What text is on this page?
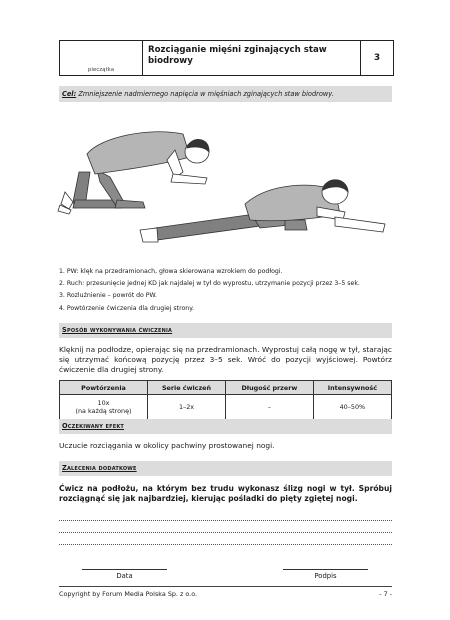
pieczątka
Rozciąganie mięśni zginających staw biodrowy	3
Cel: Zmniejszenie nadmiernego napięcia w mięśniach zginających staw biodrowy.
1. PW: klęk na przedramionach, głowa skierowana wzrokiem do podłogi.
2. Ruch: przesunięcie jednej KD jak najdalej w tył do wyprostu, utrzymanie pozycji przez 3–5 sek.
3. Rozluźnienie – powrót do PW.
4. Powtórzenie ćwiczenia dla drugiej strony.
Sposób wykonywania ćwiczenia
Klęknij na podłodze, opierając się na przedramionach. Wyprostuj całą nogę w tył, starając się utrzymać końcową pozycję przez 3–5 sek. Wróć do pozycji wyjściowej. Powtórz ćwiczenie dla drugiej strony.
Powtórzenia	Serie ćwiczeń	Długość przerw	Intensywność
10x
(na każdą stronę)	1–2x	–	40–50%
Oczekiwany efekt
Uczucie rozciągania w okolicy pachwiny prostowanej nogi.
Zalecenia dodatkowe
Ćwicz na podłożu, na którym bez trudu wykonasz ślizg nogi w tył. Spróbuj rozciągnąć się jak najbardziej, kierując pośladki do pięty zgiętej nogi.
Data	Podpis
Copyright by Forum Media Polska Sp. z o.o.	- 7 -
